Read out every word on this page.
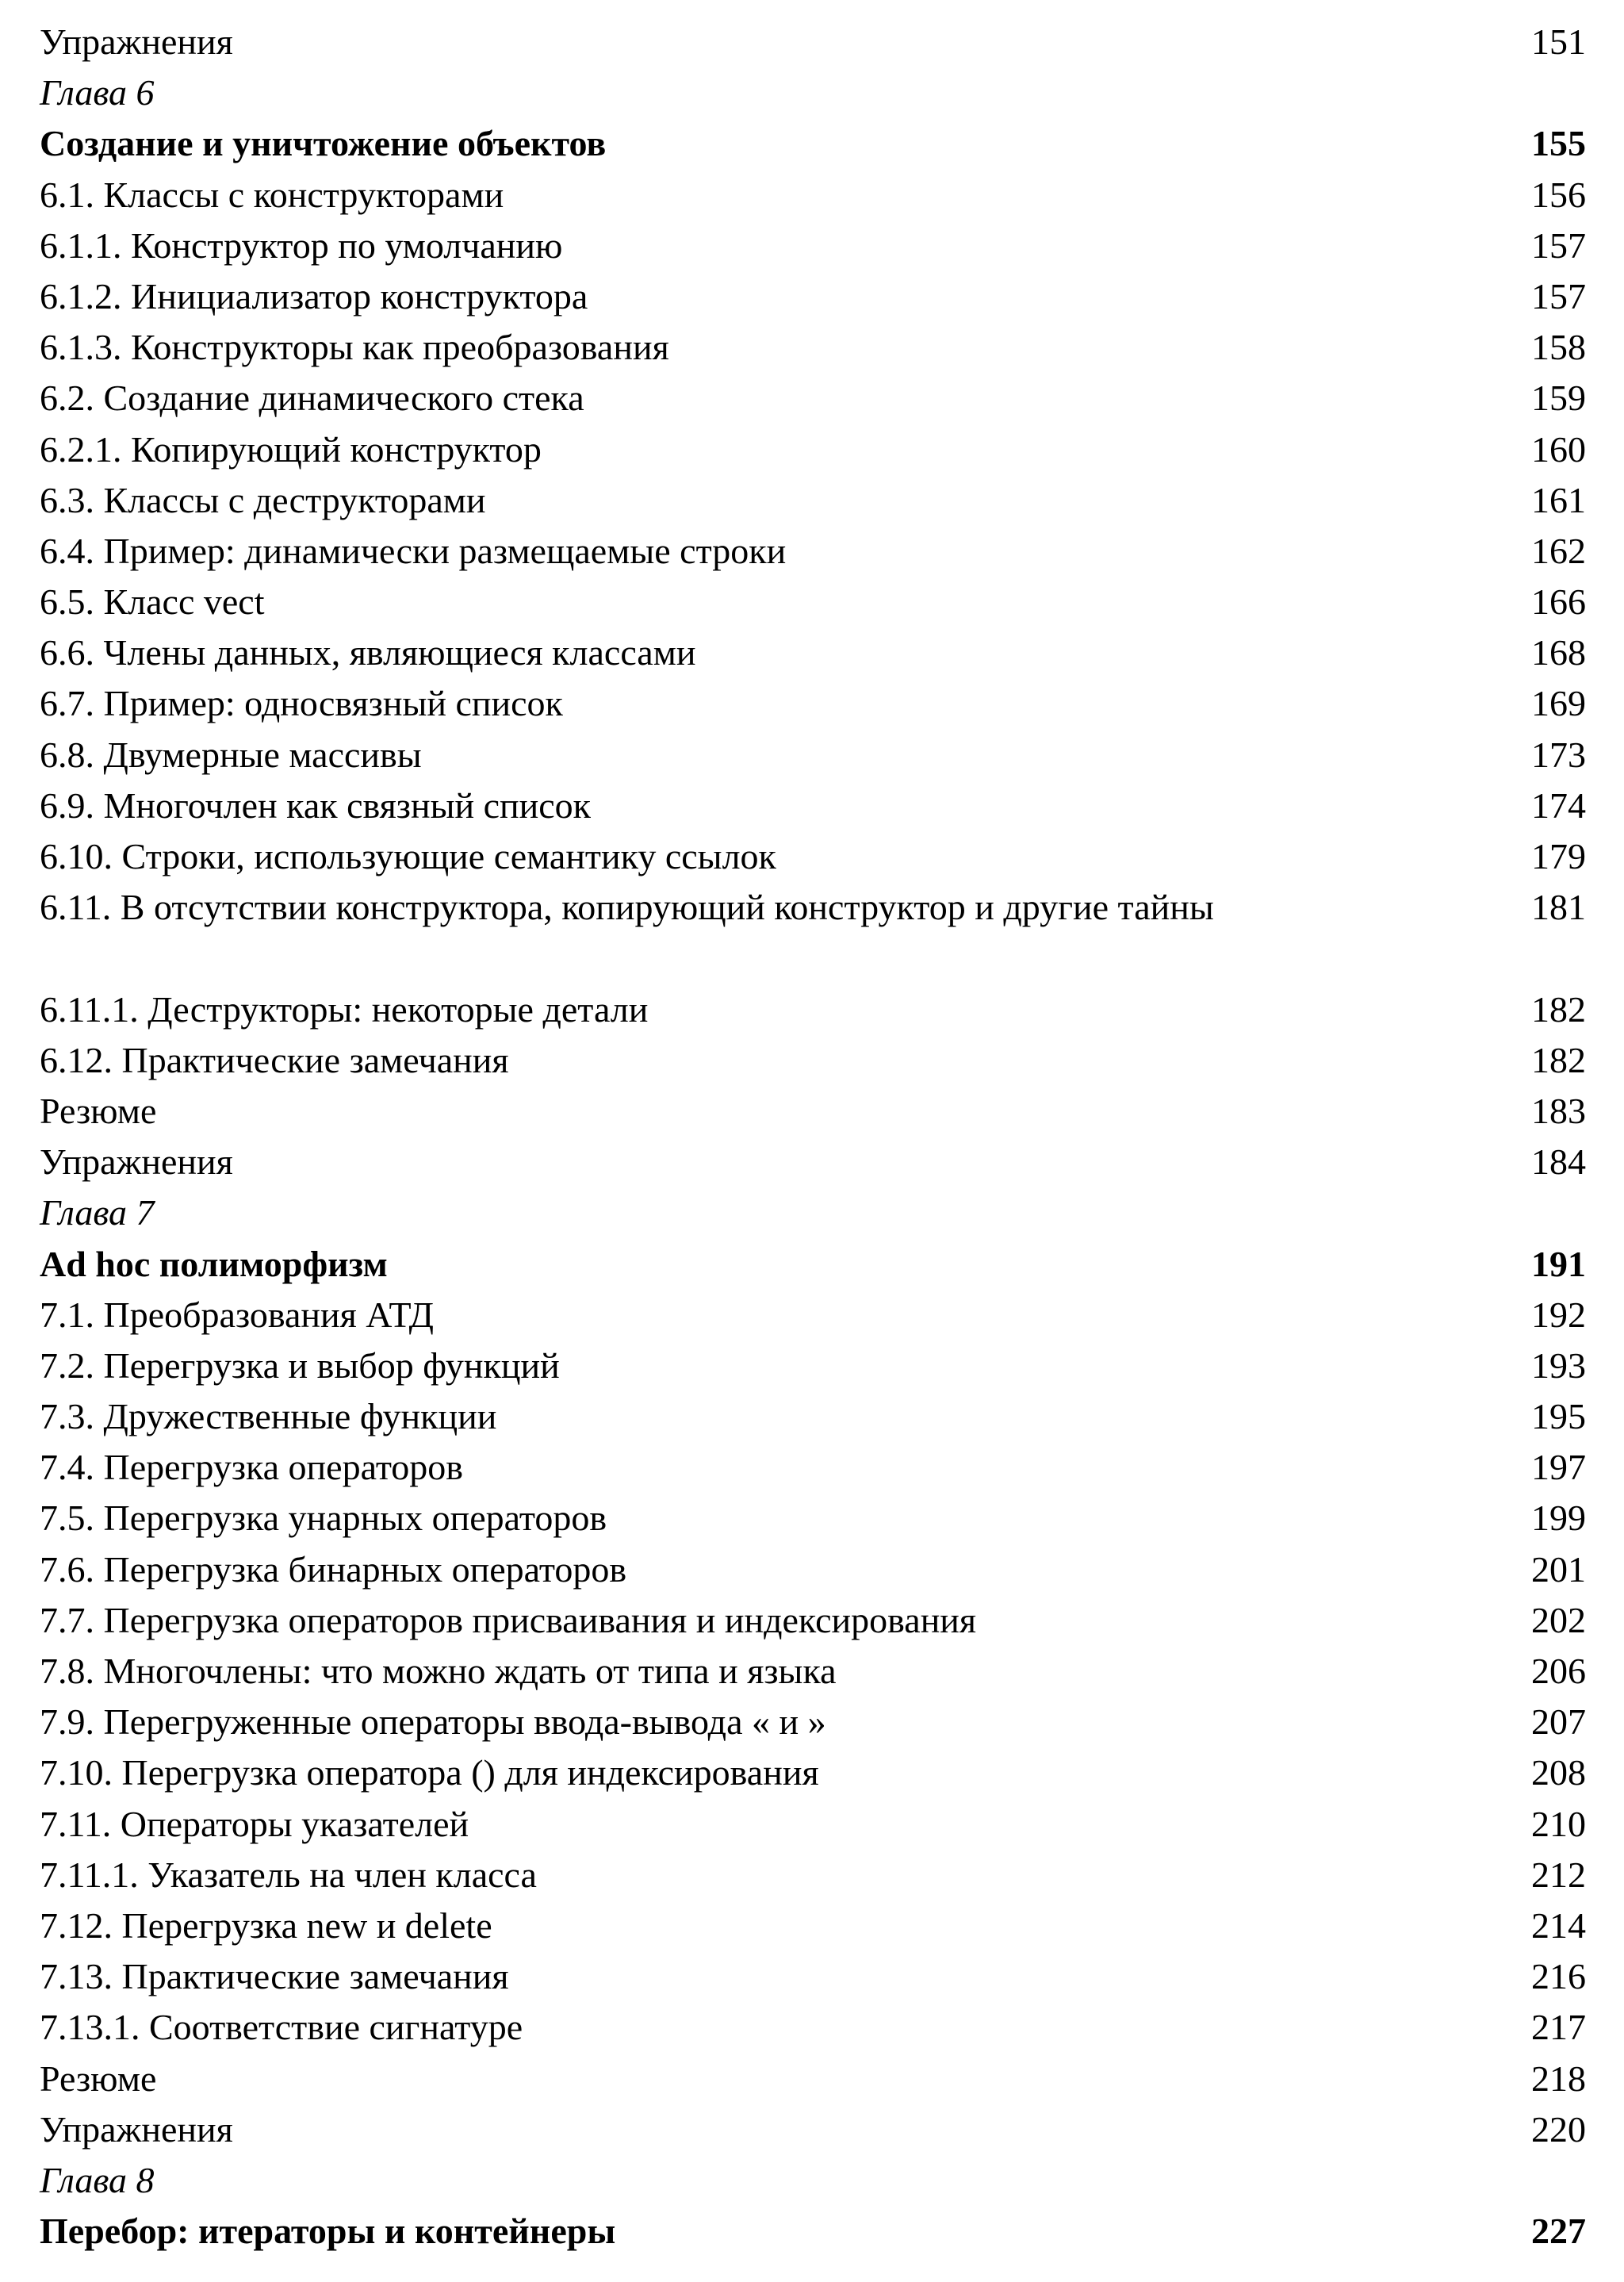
Упражнения	151
Глава 6
Создание и уничтожение объектов	155
6.1. Классы с конструкторами	156
6.1.1. Конструктор по умолчанию	157
6.1.2. Инициализатор конструктора	157
6.1.3. Конструкторы как преобразования	158
6.2. Создание динамического стека	159
6.2.1. Копирующий конструктор	160
6.3. Классы с деструкторами	161
6.4. Пример: динамически размещаемые строки	162
6.5. Класс vect	166
6.6. Члены данных, являющиеся классами	168
6.7. Пример: односвязный список	169
6.8. Двумерные массивы	173
6.9. Многочлен как связный список	174
6.10. Строки, использующие семантику ссылок	179
6.11. В отсутствии конструктора, копирующий конструктор и другие тайны	181
6.11.1. Деструкторы: некоторые детали	182
6.12. Практические замечания	182
Резюме	183
Упражнения	184
Глава 7
Ad hoc полиморфизм	191
7.1. Преобразования АТД	192
7.2. Перегрузка и выбор функций	193
7.3. Дружественные функции	195
7.4. Перегрузка операторов	197
7.5. Перегрузка унарных операторов	199
7.6. Перегрузка бинарных операторов	201
7.7. Перегрузка операторов присваивания и индексирования	202
7.8. Многочлены: что можно ждать от типа и языка	206
7.9. Перегруженные операторы ввода-вывода « и »	207
7.10. Перегрузка оператора () для индексирования	208
7.11. Операторы указателей	210
7.11.1. Указатель на член класса	212
7.12. Перегрузка new и delete	214
7.13. Практические замечания	216
7.13.1. Соответствие сигнатуре	217
Резюме	218
Упражнения	220
Глава 8
Перебор: итераторы и контейнеры	227
